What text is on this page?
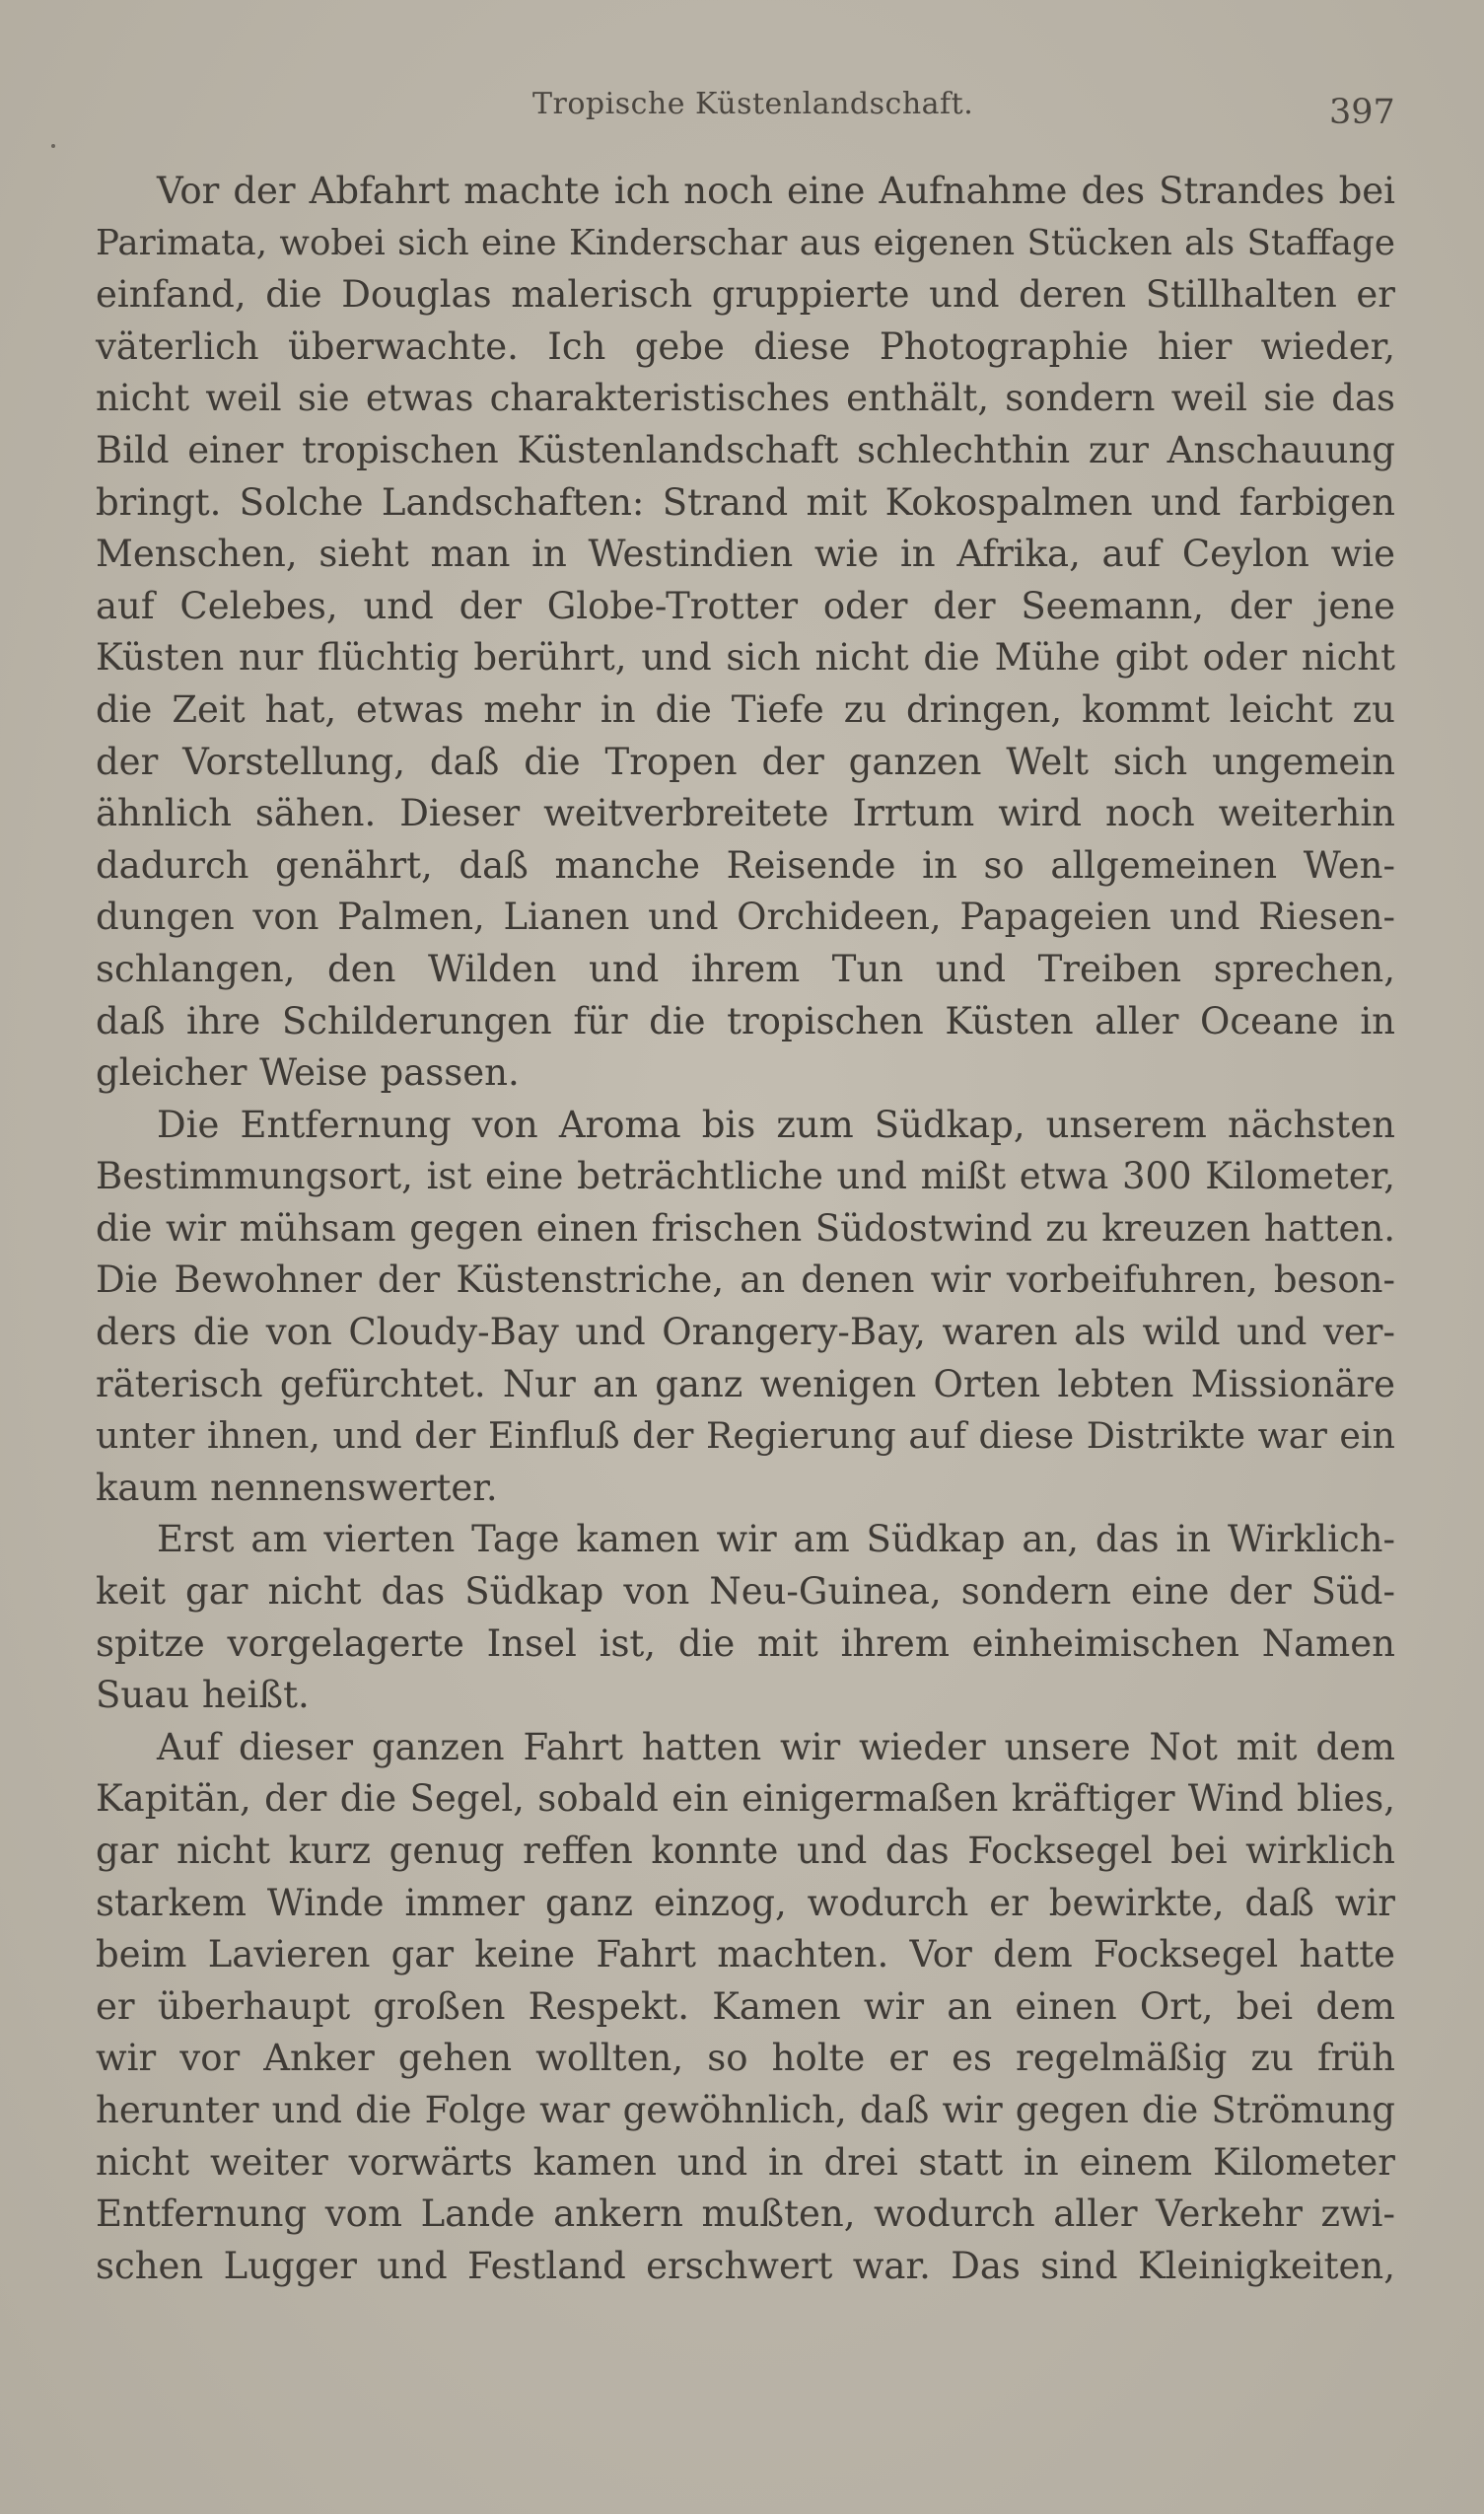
Tropische Küstenlandschaft.	397
Vor der Abfahrt machte ich noch eine Aufnahme des Strandes bei
Parimata, wobei sich eine Kinderschar aus eigenen Stücken als Staffage
einfand, die Douglas malerisch gruppierte und deren Stillhalten er
väterlich überwachte. Ich gebe diese Photographie hier wieder,
nicht weil sie etwas charakteristisches enthält, sondern weil sie das
Bild einer tropischen Küstenlandschaft schlechthin zur Anschauung
bringt. Solche Landschaften: Strand mit Kokospalmen und farbigen
Menschen, sieht man in Westindien wie in Afrika, auf Ceylon wie
auf Celebes, und der Globe-Trotter oder der Seemann, der jene
Küsten nur flüchtig berührt, und sich nicht die Mühe gibt oder nicht
die Zeit hat, etwas mehr in die Tiefe zu dringen, kommt leicht zu
der Vorstellung, daß die Tropen der ganzen Welt sich ungemein
ähnlich sähen. Dieser weitverbreitete Irrtum wird noch weiterhin
dadurch genährt, daß manche Reisende in so allgemeinen Wen-
dungen von Palmen, Lianen und Orchideen, Papageien und Riesen-
schlangen, den Wilden und ihrem Tun und Treiben sprechen,
daß ihre Schilderungen für die tropischen Küsten aller Oceane in
gleicher Weise passen.
Die Entfernung von Aroma bis zum Südkap, unserem nächsten
Bestimmungsort, ist eine beträchtliche und mißt etwa 300 Kilometer,
die wir mühsam gegen einen frischen Südostwind zu kreuzen hatten.
Die Bewohner der Küstenstriche, an denen wir vorbeifuhren, beson-
ders die von Cloudy-Bay und Orangery-Bay, waren als wild und ver-
räterisch gefürchtet. Nur an ganz wenigen Orten lebten Missionäre
unter ihnen, und der Einfluß der Regierung auf diese Distrikte war ein
kaum nennenswerter.
Erst am vierten Tage kamen wir am Südkap an, das in Wirklich-
keit gar nicht das Südkap von Neu-Guinea, sondern eine der Süd-
spitze vorgelagerte Insel ist, die mit ihrem einheimischen Namen
Suau heißt.
Auf dieser ganzen Fahrt hatten wir wieder unsere Not mit dem
Kapitän, der die Segel, sobald ein einigermaßen kräftiger Wind blies,
gar nicht kurz genug reffen konnte und das Focksegel bei wirklich
starkem Winde immer ganz einzog, wodurch er bewirkte, daß wir
beim Lavieren gar keine Fahrt machten. Vor dem Focksegel hatte
er überhaupt großen Respekt. Kamen wir an einen Ort, bei dem
wir vor Anker gehen wollten, so holte er es regelmäßig zu früh
herunter und die Folge war gewöhnlich, daß wir gegen die Strömung
nicht weiter vorwärts kamen und in drei statt in einem Kilometer
Entfernung vom Lande ankern mußten, wodurch aller Verkehr zwi-
schen Lugger und Festland erschwert war. Das sind Kleinigkeiten,
